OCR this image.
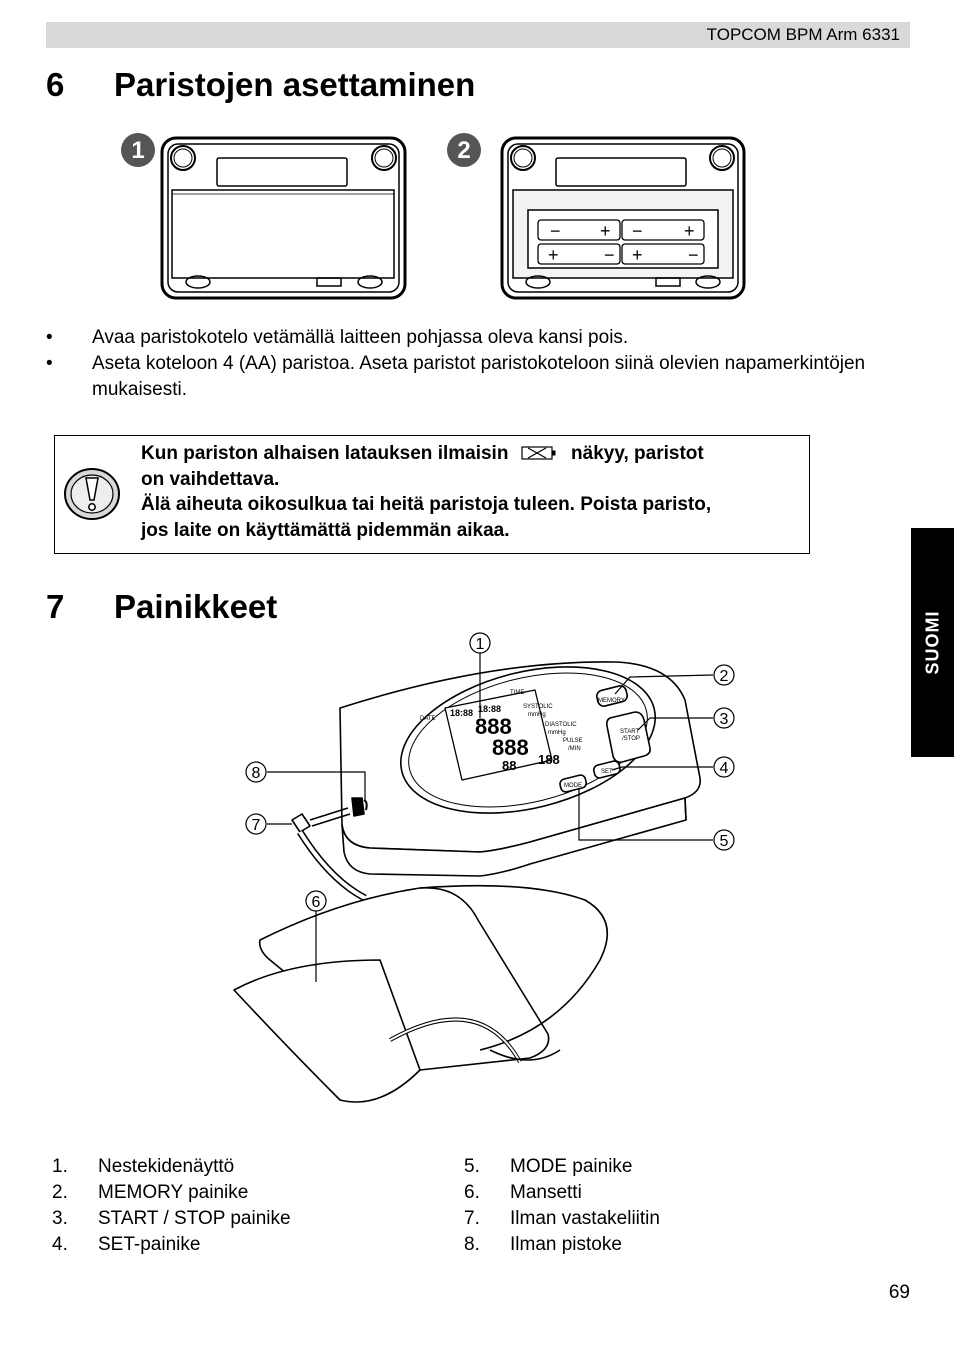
TOPCOM BPM Arm 6331
6 Paristojen asettaminen
1	2
− + − +
+	− +	−
• Avaa paristokotelo vetämällä laitteen pohjassa oleva kansi pois.
• Aseta koteloon 4 (AA) paristoa. Aseta paristot paristokoteloon siinä olevien napamerkintöjen mukaisesti.
Kun pariston alhaisen latauksen ilmaisin	näkyy, paristot
on vaihdettava.
Älä aiheuta oikosulkua tai heitä paristoja tuleen. Poista paristo,
jos laite on käyttämättä pidemmän aikaa.
SUOMI
7 Painikkeet
DATE
TIME
SYSTOLIC
mmHg
DIASTOLIC
mmHg
PULSE
/MIN
MEMORY
START
/STOP
SET
MODE
18:88 18:88
888
888
88 188
1
2
3
4
5
6
7
8
1. Nestekidenäyttö
2. MEMORY painike
3. START / STOP painike
4. SET-painike
5. MODE painike
6. Mansetti
7. Ilman vastakeliitin
8. Ilman pistoke
69
